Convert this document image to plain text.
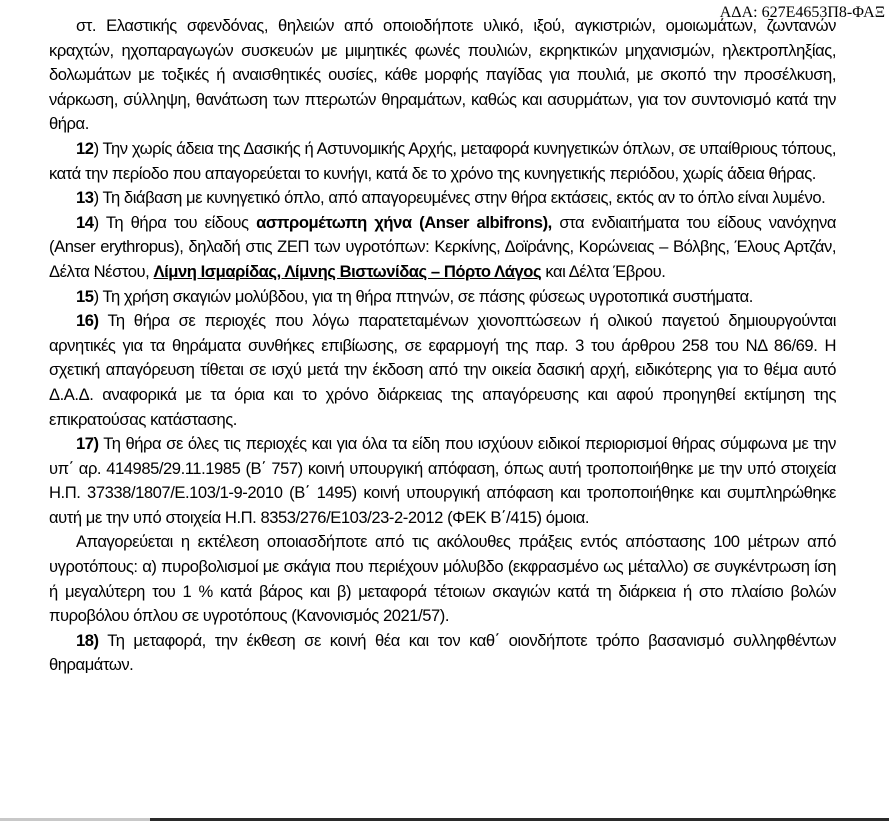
ΑΔΑ: 627Ε4653Π8-ΦΑΞ

στ. Ελαστικής σφενδόνας, θηλειών από οποιοδήποτε υλικό, ιξού, αγκιστριών, ομοιωμάτων, ζωντανών κραχτών, ηχοπαραγωγών συσκευών με μιμητικές φωνές πουλιών, εκρηκτικών μηχανισμών, ηλεκτροπληξίας, δολωμάτων με τοξικές ή αναισθητικές ουσίες, κάθε μορφής παγίδας για πουλιά, με σκοπό την προσέλκυση, νάρκωση, σύλληψη, θανάτωση των πτερωτών θηραμάτων, καθώς και ασυρμάτων, για τον συντονισμό κατά την θήρα.

12) Την χωρίς άδεια της Δασικής ή Αστυνομικής Αρχής, μεταφορά κυνηγετικών όπλων, σε υπαίθριους τόπους, κατά την περίοδο που απαγορεύεται το κυνήγι, κατά δε το χρόνο της κυνηγετικής περιόδου, χωρίς άδεια θήρας.

13) Τη διάβαση με κυνηγετικό όπλο, από απαγορευμένες στην θήρα εκτάσεις, εκτός αν το όπλο είναι λυμένο.

14) Τη θήρα του είδους ασπρομέτωπη χήνα (Anser albifrons), στα ενδιαιτήματα του είδους νανόχηνα (Anser erythropus), δηλαδή στις ΖΕΠ των υγροτόπων: Κερκίνης, Δοϊράνης, Κορώνειας – Βόλβης, Έλους Αρτζάν, Δέλτα Νέστου, Λίμνη Ισμαρίδας, Λίμνης Βιστωνίδας – Πόρτο Λάγος και Δέλτα Έβρου.

15) Τη χρήση σκαγιών μολύβδου, για τη θήρα πτηνών, σε πάσης φύσεως υγροτοπικά συστήματα.

16) Τη θήρα σε περιοχές που λόγω παρατεταμένων χιονοπτώσεων ή ολικού παγετού δημιουργούνται αρνητικές για τα θηράματα συνθήκες επιβίωσης, σε εφαρμογή της παρ. 3 του άρθρου 258 του ΝΔ 86/69. Η σχετική απαγόρευση τίθεται σε ισχύ μετά την έκδοση από την οικεία δασική αρχή, ειδικότερης για το θέμα αυτό Δ.Α.Δ. αναφορικά με τα όρια και το χρόνο διάρκειας της απαγόρευσης και αφού προηγηθεί εκτίμηση της επικρατούσας κατάστασης.

17) Τη θήρα σε όλες τις περιοχές και για όλα τα είδη που ισχύουν ειδικοί περιορισμοί θήρας σύμφωνα με την υπ΄ αρ. 414985/29.11.1985 (Β΄ 757) κοινή υπουργική απόφαση, όπως αυτή τροποποιήθηκε με την υπό στοιχεία Η.Π. 37338/1807/Ε.103/1-9-2010 (Β΄ 1495) κοινή υπουργική απόφαση και τροποποιήθηκε και συμπληρώθηκε αυτή με την υπό στοιχεία Η.Π. 8353/276/Ε103/23-2-2012 (ΦΕΚ Β΄/415) όμοια.

Απαγορεύεται η εκτέλεση οποιασδήποτε από τις ακόλουθες πράξεις εντός απόστασης 100 μέτρων από υγροτόπους: α) πυροβολισμοί με σκάγια που περιέχουν μόλυβδο (εκφρασμένο ως μέταλλο) σε συγκέντρωση ίση ή μεγαλύτερη του 1 % κατά βάρος και β) μεταφορά τέτοιων σκαγιών κατά τη διάρκεια ή στο πλαίσιο βολών πυροβόλου όπλου σε υγροτόπους (Κανονισμός 2021/57).

18) Τη μεταφορά, την έκθεση σε κοινή θέα και τον καθ΄ οιονδήποτε τρόπο βασανισμό συλληφθέντων θηραμάτων.
